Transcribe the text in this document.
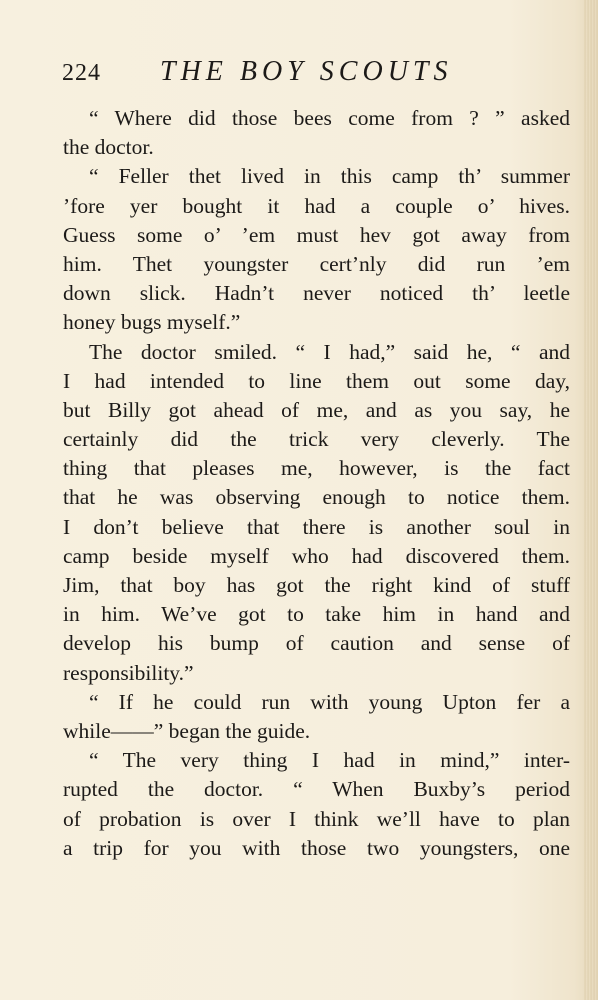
224 THE BOY SCOUTS
“ Where did those bees come from ? ” asked
the doctor.
“ Feller thet lived in this camp th’ summer
’fore yer bought it had a couple o’ hives.
Guess some o’ ’em must hev got away from
him. Thet youngster cert’nly did run ’em
down slick. Hadn’t never noticed th’ leetle
honey bugs myself.”
The doctor smiled. “ I had,” said he, “ and
I had intended to line them out some day,
but Billy got ahead of me, and as you say, he
certainly did the trick very cleverly. The
thing that pleases me, however, is the fact
that he was observing enough to notice them.
I don’t believe that there is another soul in
camp beside myself who had discovered them.
Jim, that boy has got the right kind of stuff
in him. We’ve got to take him in hand and
develop his bump of caution and sense of
responsibility.”
“ If he could run with young Upton fer a
while——” began the guide.
“ The very thing I had in mind,” inter-
rupted the doctor. “ When Buxby’s period
of probation is over I think we’ll have to plan
a trip for you with those two youngsters, one
